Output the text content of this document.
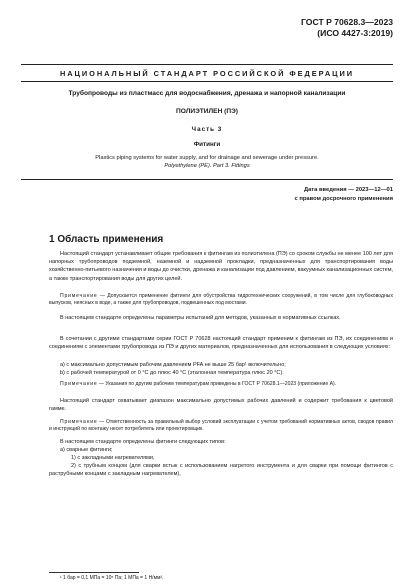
ГОСТ Р 70628.3—2023
(ИСО 4427-3:2019)
НАЦИОНАЛЬНЫЙ СТАНДАРТ РОССИЙСКОЙ ФЕДЕРАЦИИ
Трубопроводы из пластмасс для водоснабжения, дренажа и напорной канализации
ПОЛИЭТИЛЕН (ПЭ)
Часть 3
Фитинги
Plastics piping systems for water supply, and for drainage and sewerage under pressure.
Polyethylene (PE). Part 3. Fittings
Дата введения — 2023—12—01
с правом досрочного применения
1 Область применения

Настоящий стандарт устанавливает общие требования к фитингам из полиэтилена (ПЭ) со сроком службы не менее 100 лет для напорных трубопроводов подземной, наземной и надземной прокладки, предназначенных для транспортирования воды хозяйственно-питьевого назначения и воды до очистки, дренажа и канализации под давлением, вакуумных канализационных систем, а также транспортирования воды для других целей.

Примечание — Допускается применение фитинги для обустройства гидротехнических сооружений, в том числе для глубоководных выпусков, неясных в воде, а также для трубопроводов, подвешенных под мостами.

В настоящем стандарте определены параметры испытаний для методов, указанных в нормативных ссылках.

В сочетании с другими стандартами серии ГОСТ Р 70628 настоящий стандарт применим к фитингам из ПЭ, их соединениям и соединениям с элементами трубопровода из ПЭ и других материалов, предназначенных для использования в следующих условиях:

а) с максимально допустимым рабочим давлением PFA не выше 25 бар¹ включительно;
b) с рабочей температурой от 0 °C до плюс 40 °C (эталонная температура плюс 20 °C).

Примечание — Указания по другим рабочим температурам приведены в ГОСТ Р 70628.1—2023 (приложение А).

Настоящий стандарт охватывает диапазон максимально допустимых рабочих давлений и содержит требования к цветовой гамме.

Примечание — Ответственность за правильный выбор условий эксплуатации с учетом требований нормативных актов, сводов правил и инструкций по монтажу несет потребитель или проектировщик.

В настоящем стандарте определены фитинги следующих типов:

а) сварные фитинги;
1) с закладными нагревателями,

2) с трубным концом (для сварки встык с использованием нагретого инструмента и для сварки при помощи фитингов с раструбными концами с закладным нагревателем),

¹ 1 бар = 0,1 МПа = 10⁵ Па; 1 МПа = 1 Н/мм².
